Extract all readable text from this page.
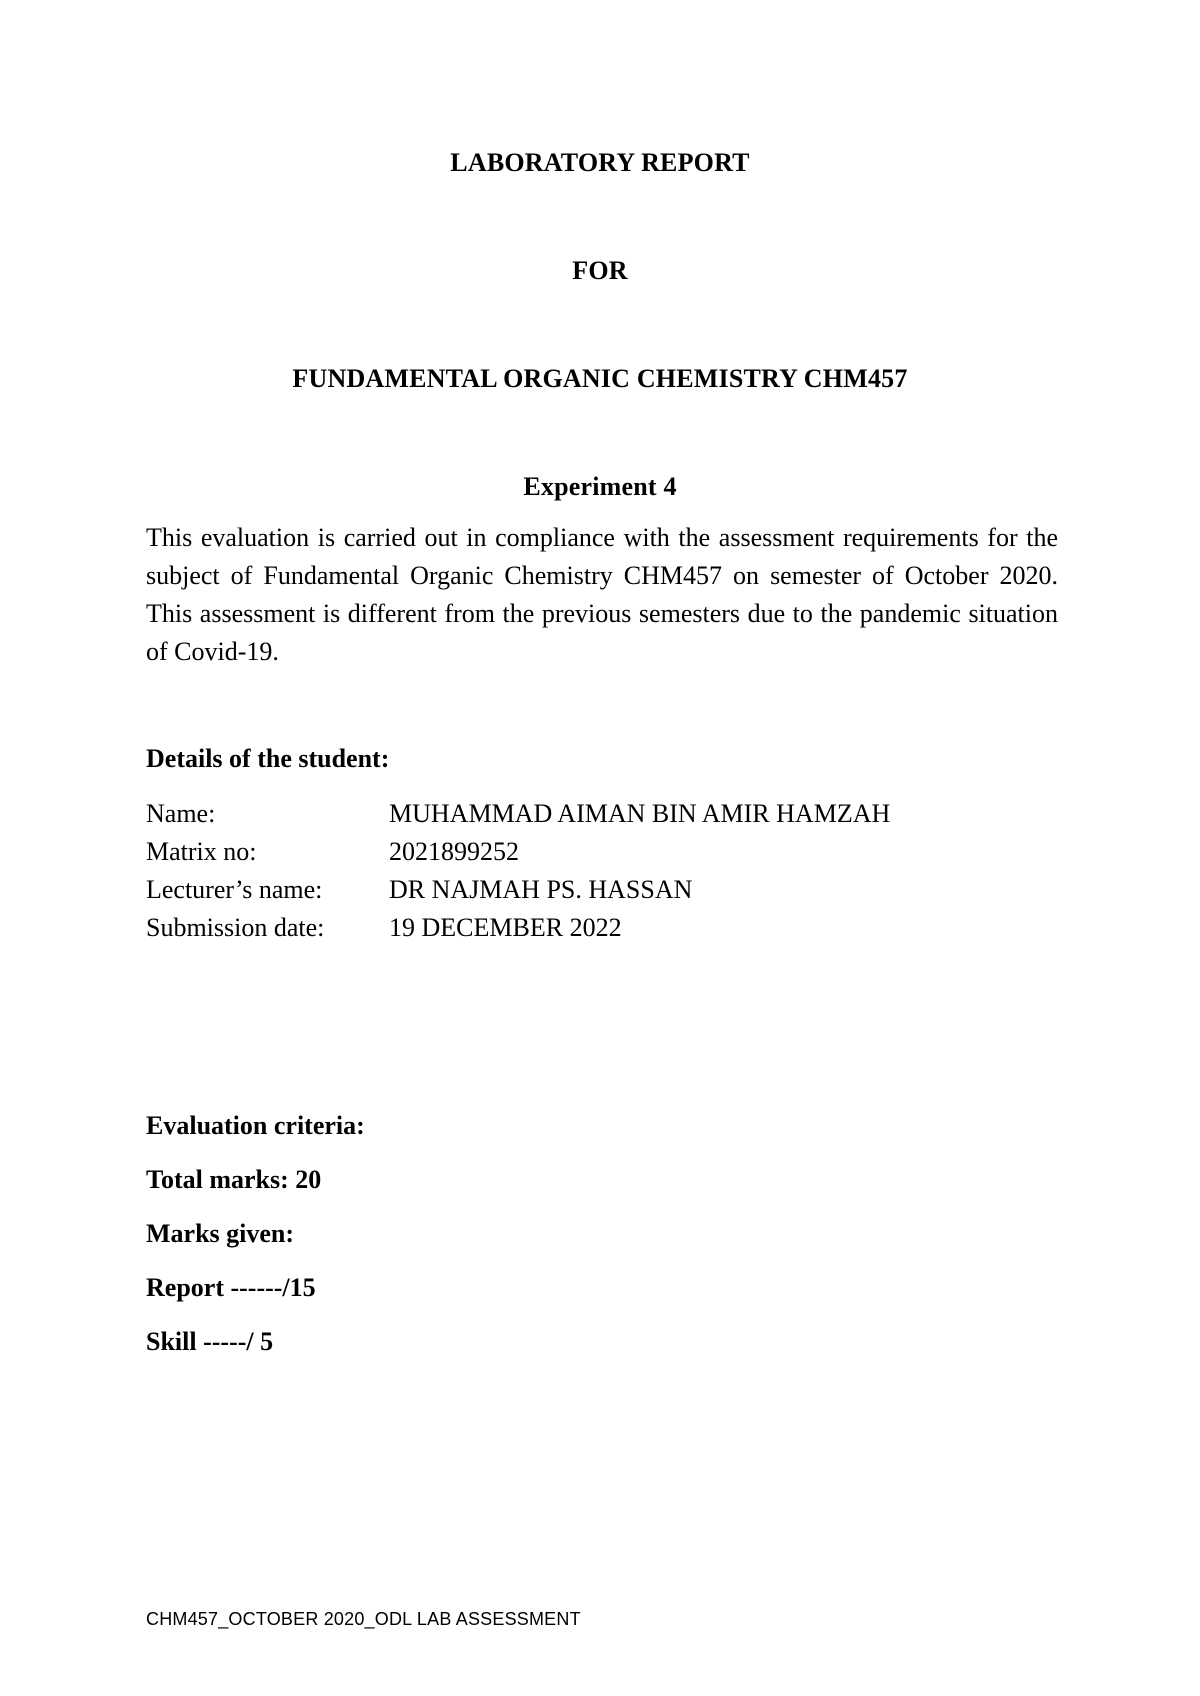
LABORATORY REPORT
FOR
FUNDAMENTAL ORGANIC CHEMISTRY CHM457
Experiment 4
This evaluation is carried out in compliance with the assessment requirements for the subject of Fundamental Organic Chemistry CHM457 on semester of October 2020. This assessment is different from the previous semesters due to the pandemic situation of Covid-19.
Details of the student:
Name:	MUHAMMAD AIMAN BIN AMIR HAMZAH
Matrix no:	2021899252
Lecturer’s name:	DR NAJMAH PS. HASSAN
Submission date: 19 DECEMBER 2022
Evaluation criteria:
Total marks: 20
Marks given:
Report ------/15
Skill -----/ 5
CHM457_OCTOBER 2020_ODL LAB ASSESSMENT
